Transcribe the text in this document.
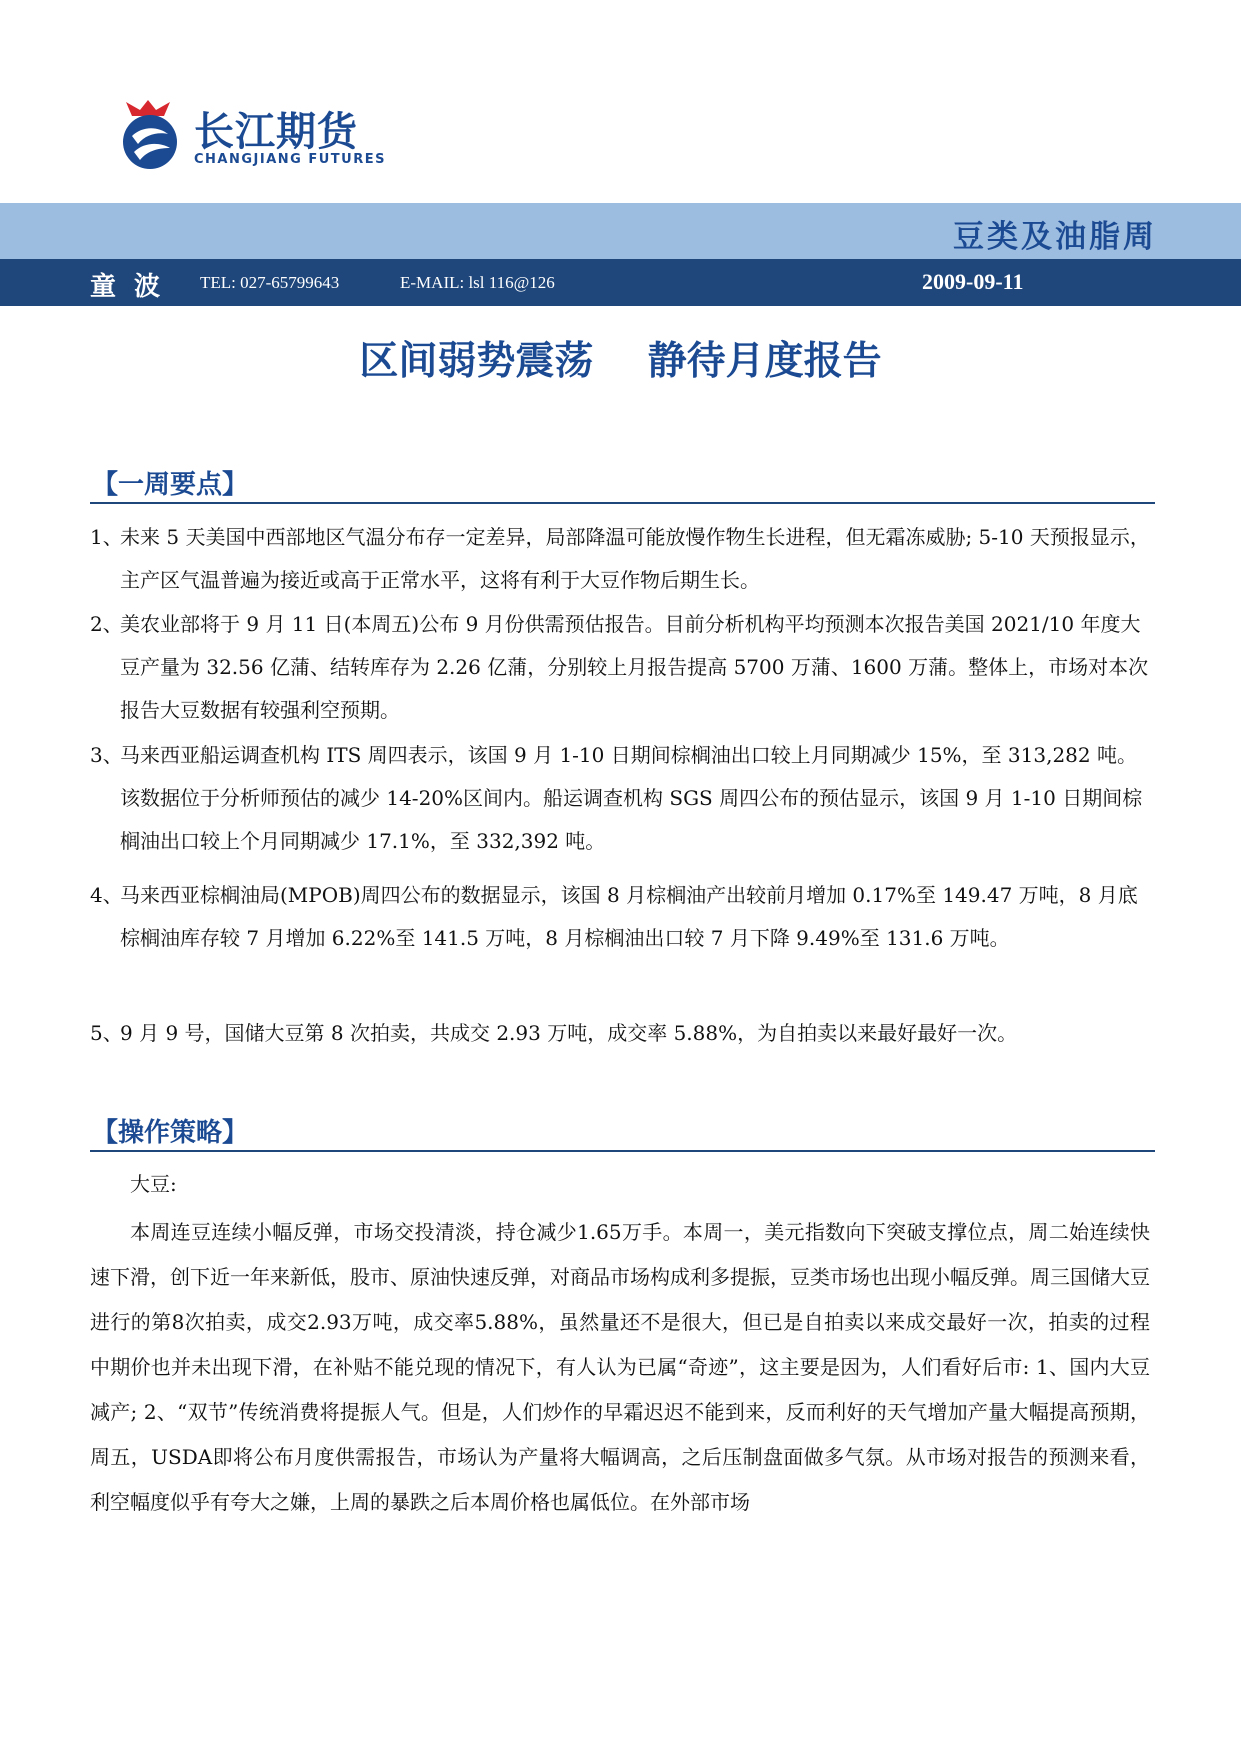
长江期货
CHANGJIANG FUTURES
豆类及油脂周
童波 TEL: 027-65799643	E-MAIL: lsl 116@126	2009-09-11
区间弱势震荡    静待月度报告
【一周要点】
1、
未来 5 天美国中西部地区气温分布存一定差异，局部降温可能放慢作物生长进程，但无霜冻威胁; 5-10 天预报显示，主产区气温普遍为接近或高于正常水平，这将有利于大豆作物后期生长。
2、
美农业部将于 9 月 11 日(本周五)公布 9 月份供需预估报告。目前分析机构平均预测本次报告美国 2021/10 年度大豆产量为 32.56 亿蒲、结转库存为 2.26 亿蒲，分别较上月报告提高 5700 万蒲、1600 万蒲。整体上，市场对本次报告大豆数据有较强利空预期。
3、
马来西亚船运调查机构 ITS 周四表示，该国 9 月 1-10 日期间棕榈油出口较上月同期减少 15%，至 313,282 吨。该数据位于分析师预估的减少 14-20%区间内。船运调查机构 SGS 周四公布的预估显示，该国 9 月 1-10 日期间棕榈油出口较上个月同期减少 17.1%，至 332,392 吨。
4、
马来西亚棕榈油局(MPOB)周四公布的数据显示，该国 8 月棕榈油产出较前月增加 0.17%至 149.47 万吨，8 月底棕榈油库存较 7 月增加 6.22%至 141.5 万吨，8 月棕榈油出口较 7 月下降 9.49%至 131.6 万吨。
5、
9 月 9 号，国储大豆第 8 次拍卖，共成交 2.93 万吨，成交率 5.88%，为自拍卖以来最好最好一次。
【操作策略】
大豆:
本周连豆连续小幅反弹，市场交投清淡，持仓减少1.65万手。本周一，美元指数向下突破支撑位点，周二始连续快速下滑，创下近一年来新低，股市、原油快速反弹，对商品市场构成利多提振，豆类市场也出现小幅反弹。周三国储大豆进行的第8次拍卖，成交2.93万吨，成交率5.88%，虽然量还不是很大，但已是自拍卖以来成交最好一次，拍卖的过程中期价也并未出现下滑，在补贴不能兑现的情况下，有人认为已属“奇迹”，这主要是因为，人们看好后市: 1、国内大豆减产; 2、“双节”传统消费将提振人气。但是，人们炒作的早霜迟迟不能到来，反而利好的天气增加产量大幅提高预期，周五，USDA即将公布月度供需报告，市场认为产量将大幅调高，之后压制盘面做多气氛。从市场对报告的预测来看，利空幅度似乎有夸大之嫌，上周的暴跌之后本周价格也属低位。在外部市场
